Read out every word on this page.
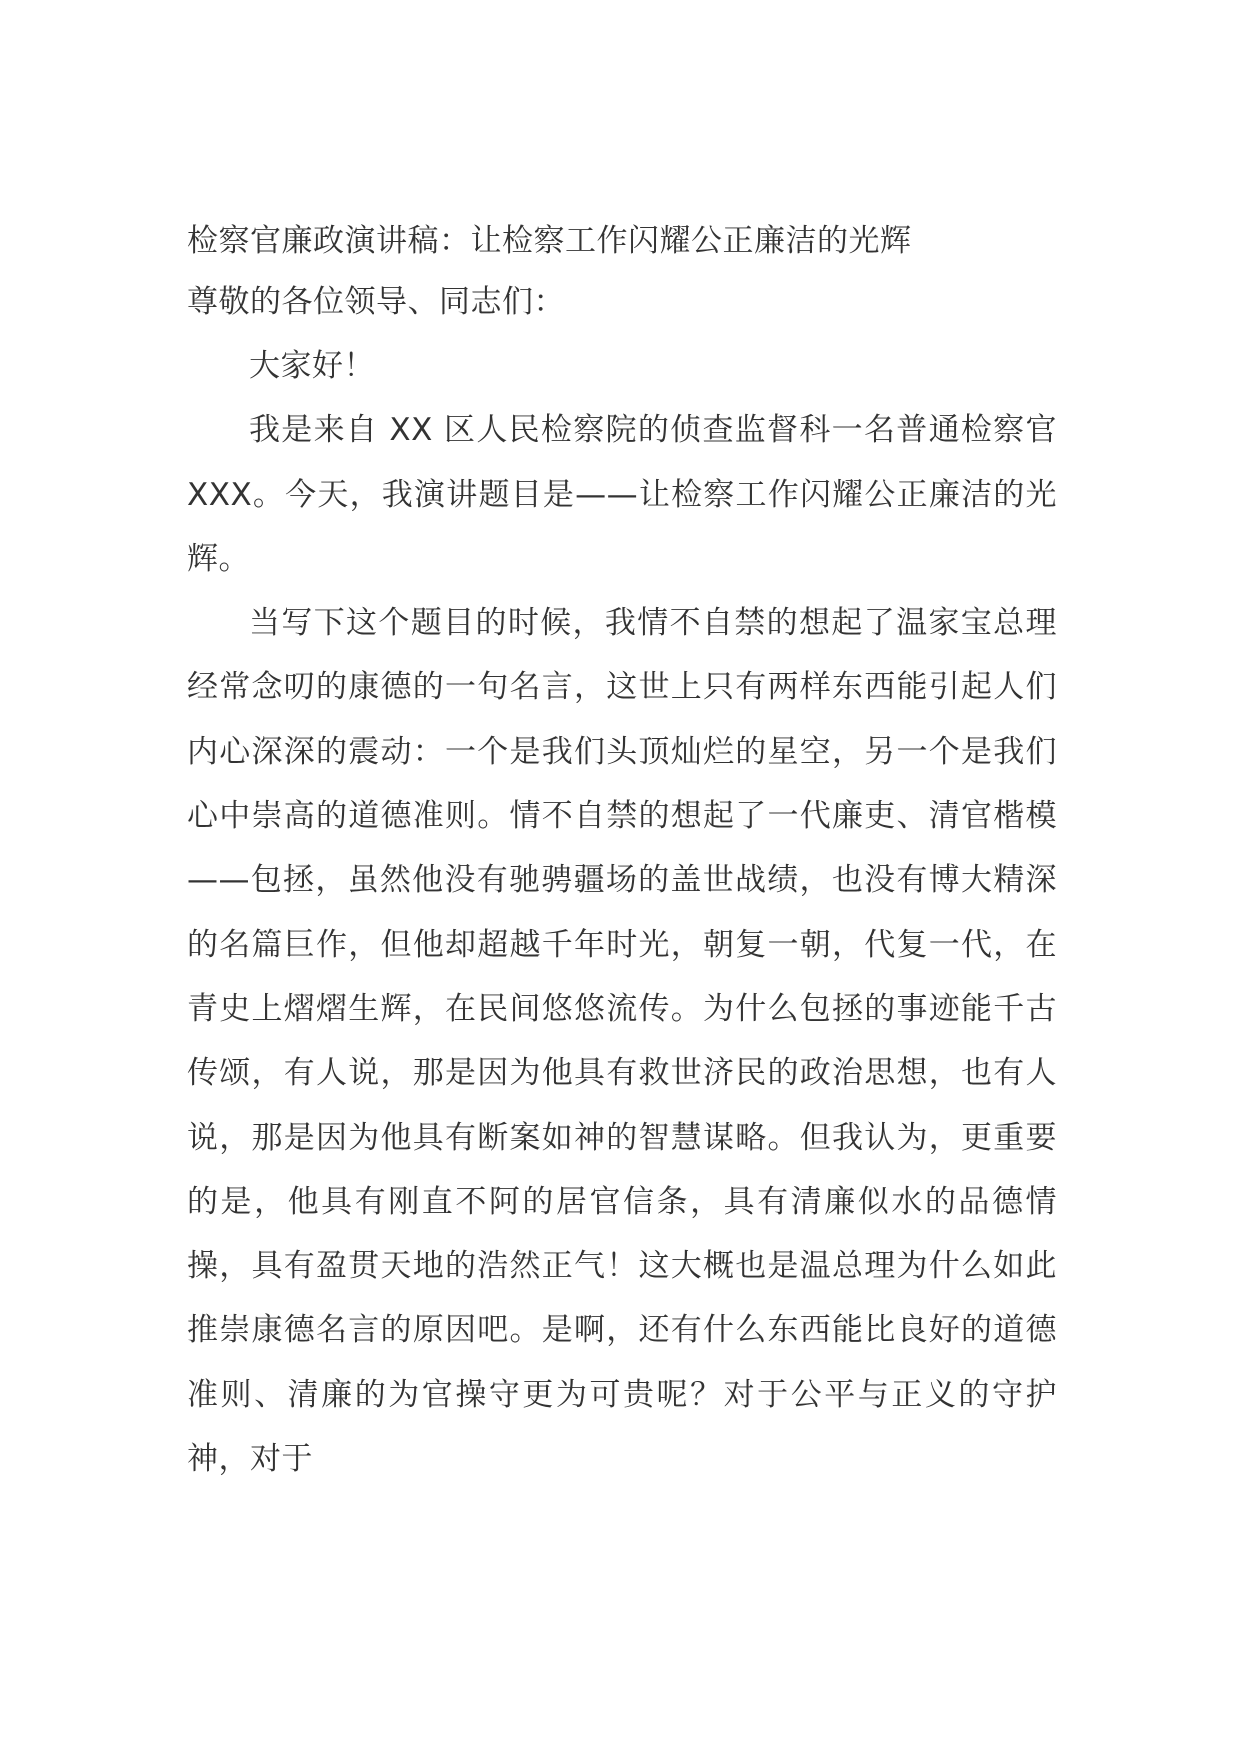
检察官廉政演讲稿：让检察工作闪耀公正廉洁的光辉

尊敬的各位领导、同志们：

大家好！

我是来自 XX 区人民检察院的侦查监督科一名普通检察官 XXX。今天，我演讲题目是——让检察工作闪耀公正廉洁的光辉。

当写下这个题目的时候，我情不自禁的想起了温家宝总理经常念叨的康德的一句名言，这世上只有两样东西能引起人们内心深深的震动：一个是我们头顶灿烂的星空，另一个是我们心中崇高的道德准则。情不自禁的想起了一代廉吏、清官楷模——包拯，虽然他没有驰骋疆场的盖世战绩，也没有博大精深的名篇巨作，但他却超越千年时光，朝复一朝，代复一代，在青史上熠熠生辉，在民间悠悠流传。为什么包拯的事迹能千古传颂，有人说，那是因为他具有救世济民的政治思想，也有人说，那是因为他具有断案如神的智慧谋略。但我认为，更重要的是，他具有刚直不阿的居官信条，具有清廉似水的品德情操，具有盈贯天地的浩然正气！这大概也是温总理为什么如此推崇康德名言的原因吧。是啊，还有什么东西能比良好的道德准则、清廉的为官操守更为可贵呢？对于公平与正义的守护神，对于
